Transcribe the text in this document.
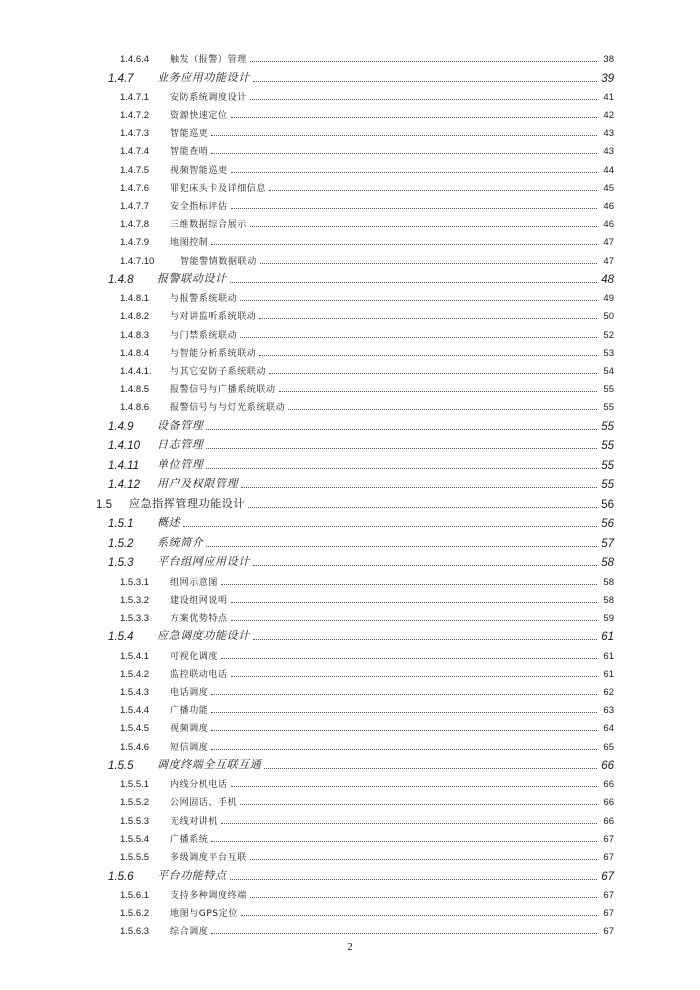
1.4.6.4	触发（报警）管理	38
1.4.7	业务应用功能设计	39
1.4.7.1	安防系统调度设计	41
1.4.7.2	资源快速定位	42
1.4.7.3	智能巡更	43
1.4.7.4	智能查哨	43
1.4.7.5	视频智能巡更	44
1.4.7.6	罪犯床头卡及详细信息	45
1.4.7.7	安全指标评估	46
1.4.7.8	三维数据综合展示	46
1.4.7.9	地图控制	47
1.4.7.10	智能警情数据联动	47
1.4.8	报警联动设计	48
1.4.8.1	与报警系统联动	49
1.4.8.2	与对讲监听系统联动	50
1.4.8.3	与门禁系统联动	52
1.4.8.4	与智能分析系统联动	53
1.4.4.1.	与其它安防子系统联动	54
1.4.8.5	报警信号与广播系统联动	55
1.4.8.6	报警信号与与灯光系统联动	55
1.4.9	设备管理	55
1.4.10	日志管理	55
1.4.11	单位管理	55
1.4.12	用户及权限管理	55
1.5	应急指挥管理功能设计	56
1.5.1	概述	56
1.5.2	系统简介	57
1.5.3	平台组网应用设计	58
1.5.3.1	组网示意图	58
1.5.3.2	建设组网说明	58
1.5.3.3	方案优势特点	59
1.5.4	应急调度功能设计	61
1.5.4.1	可视化调度	61
1.5.4.2	监控联动电话	61
1.5.4.3	电话调度	62
1.5.4.4	广播功能	63
1.5.4.5	视频调度	64
1.5.4.6	短信调度	65
1.5.5	调度终端全互联互通	66
1.5.5.1	内线分机电话	66
1.5.5.2	公网固话、手机	66
1.5.5.3	无线对讲机	66
1.5.5.4	广播系统	67
1.5.5.5	多级调度平台互联	67
1.5.6	平台功能特点	67
1.5.6.1	支持多种调度终端	67
1.5.6.2	地图与GPS定位	67
1.5.6.3	综合调度	67
2
